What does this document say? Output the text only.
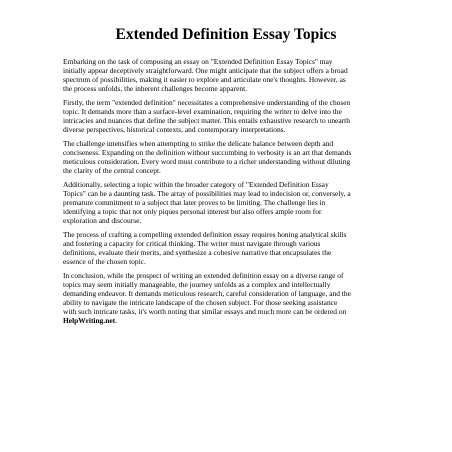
Extended Definition Essay Topics

Embarking on the task of composing an essay on "Extended Definition Essay Topics" may
initially appear deceptively straightforward. One might anticipate that the subject offers a broad
spectrum of possibilities, making it easier to explore and articulate one's thoughts. However, as
the process unfolds, the inherent challenges become apparent.

Firstly, the term "extended definition" necessitates a comprehensive understanding of the chosen
topic. It demands more than a surface-level examination, requiring the writer to delve into the
intricacies and nuances that define the subject matter. This entails exhaustive research to unearth
diverse perspectives, historical contexts, and contemporary interpretations.

The challenge intensifies when attempting to strike the delicate balance between depth and
conciseness. Expanding on the definition without succumbing to verbosity is an art that demands
meticulous consideration. Every word must contribute to a richer understanding without diluting
the clarity of the central concept.

Additionally, selecting a topic within the broader category of "Extended Definition Essay
Topics" can be a daunting task. The array of possibilities may lead to indecision or, conversely, a
premature commitment to a subject that later proves to be limiting. The challenge lies in
identifying a topic that not only piques personal interest but also offers ample room for
exploration and discourse.

The process of crafting a compelling extended definition essay requires honing analytical skills
and fostering a capacity for critical thinking. The writer must navigate through various
definitions, evaluate their merits, and synthesize a cohesive narrative that encapsulates the
essence of the chosen topic.

In conclusion, while the prospect of writing an extended definition essay on a diverse range of
topics may seem initially manageable, the journey unfolds as a complex and intellectually
demanding endeavor. It demands meticulous research, careful consideration of language, and the
ability to navigate the intricate landscape of the chosen subject. For those seeking assistance
with such intricate tasks, it's worth noting that similar essays and much more can be ordered on
HelpWriting.net.
